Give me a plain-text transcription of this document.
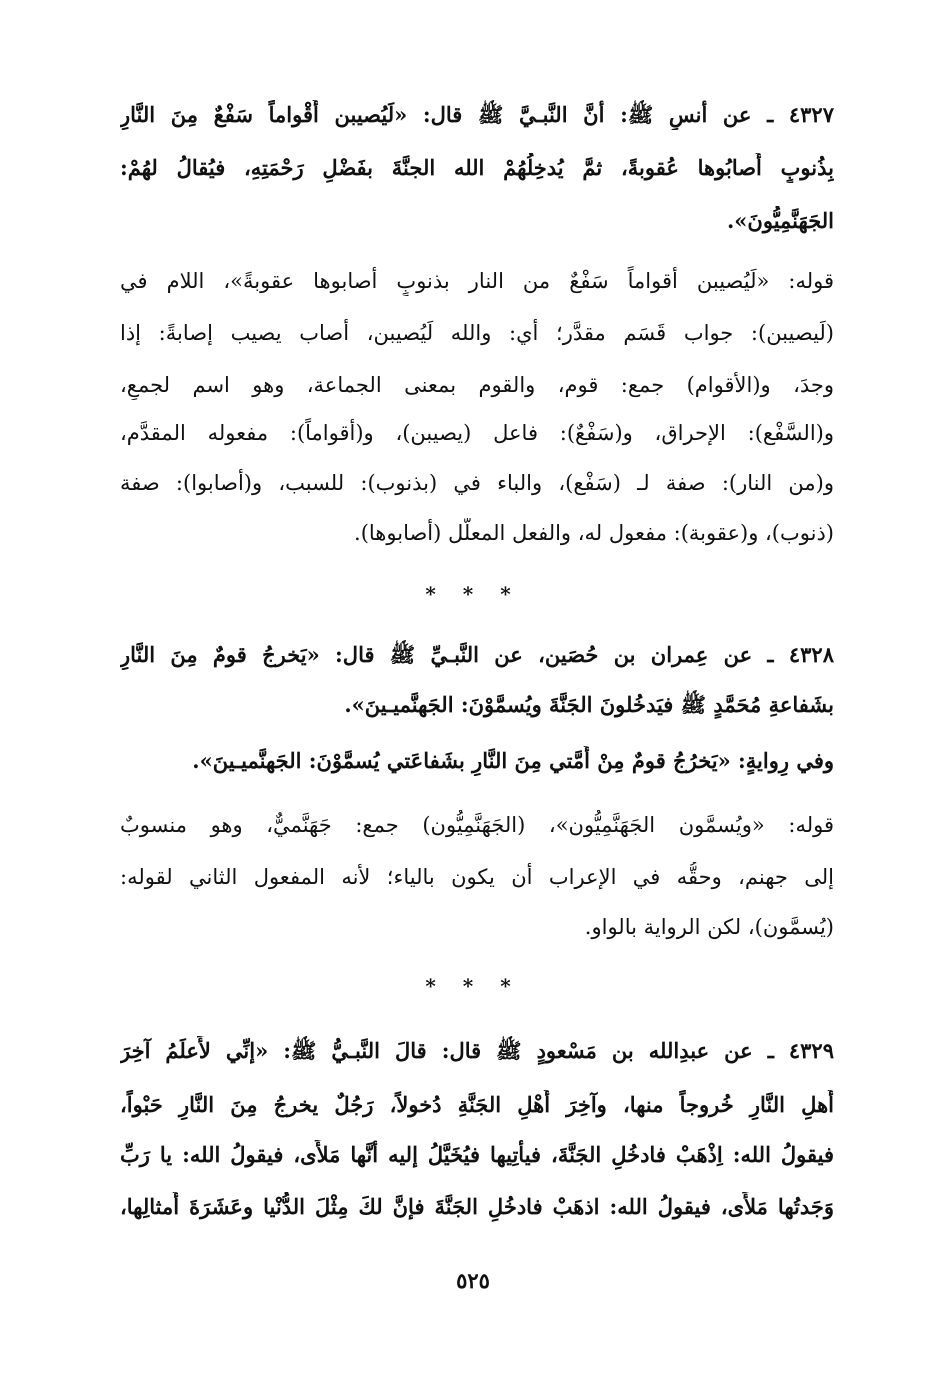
٤٣٢٧ ـ عن أنسٍ ﷺ: أنَّ النَّبـيَّ ﷺ قال: «لَيُصيبن أَقْواماً سَفْعٌ مِنَ النَّارِ
بِذُنوبٍ أَصابُوها عُقوبةً، ثمَّ يُدخِلُهُمْ الله الجنَّةَ بفَضْلِ رَحْمَتِهِ، فيُقالُ لهُمْ:
الجَهَنَّمِيُّونَ».
قوله: «لَيُصيبن أقواماً سَفْعٌ من النار بذنوبٍ أصابوها عقوبةً»، اللام في
(لَيصيبن): جواب قَسَم مقدَّر؛ أي: والله لَيُصيبن، أصاب يصيب إصابةً: إذا
وجدَ، و(الأقوام) جمع: قوم، والقوم بمعنى الجماعة، وهو اسم لجمعٍ،
و(السَّفْع): الإحراق، و(سَفْعٌ): فاعل (يصيبن)، و(أقواماً): مفعوله المقدَّم،
و(من النار): صفة لـ (سَفْع)، والباء في (بذنوب): للسبب، و(أصابوا): صفة
(ذنوب)، و(عقوبة): مفعول له، والفعل المعلَّل (أصابوها).
* * *
٤٣٢٨ ـ عن عِمران بن حُصَين، عن النَّبـيِّ ﷺ قال: «يَخرجُ قومٌ مِنَ النَّارِ
بشَفاعةِ مُحَمَّدٍ ﷺ فيَدخُلونَ الجَنَّةَ ويُسمَّوْنَ: الجَهنَّميـينَ».
وفي رِوايةٍ: «يَخرُجُ قومٌ مِنْ أُمَّتي مِنَ النَّارِ بشَفاعَتي يُسمَّوْنَ: الجَهنَّميـينَ».
قوله: «ويُسمَّون الجَهَنَّمِيُّون»، (الجَهَنَّمِيُّون) جمع: جَهَنَّميٌّ، وهو منسوبٌ
إلى جهنم، وحقُّه في الإعراب أن يكون بالياء؛ لأنه المفعول الثاني لقوله:
(يُسمَّون)، لكن الرواية بالواو.
* * *
٤٣٢٩ ـ عن عبدِالله بن مَسْعودٍ ﷺ قال: قالَ النَّبـيُّ ﷺ: «إنِّي لأَعلَمُ آخِرَ
أَهلِ النَّارِ خُروجاً منها، وآخِرَ أَهْلِ الجَنَّةِ دُخولاً، رَجُلٌ يخرجُ مِنَ النَّارِ حَبْواً،
فيقولُ الله: اِذْهَبْ فادخُلِ الجَنَّةَ، فيأْتِيها فيُخَيَّلُ إليه أنَّها مَلأَى، فيقولُ الله: يا رَبِّ
وَجَدتُها مَلأَى، فيقولُ الله: اذهَبْ فادخُلِ الجَنَّةَ فإنَّ لكَ مِثْلَ الدُّنْيا وعَشَرَةَ أَمثالِها،
٥٢٥
